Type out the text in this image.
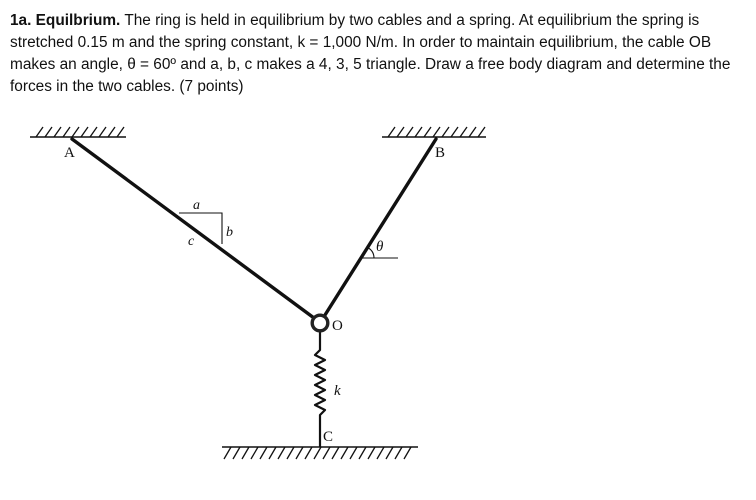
1a. Equilbrium. The ring is held in equilibrium by two cables and a spring. At equilibrium the spring is stretched 0.15 m and the spring constant, k = 1,000 N/m. In order to maintain equilibrium, the cable OB makes an angle, θ = 60º and a, b, c makes a 4, 3, 5 triangle. Draw a free body diagram and determine the forces in the two cables. (7 points)
A	B
O
C
k
a
b
c	θ
